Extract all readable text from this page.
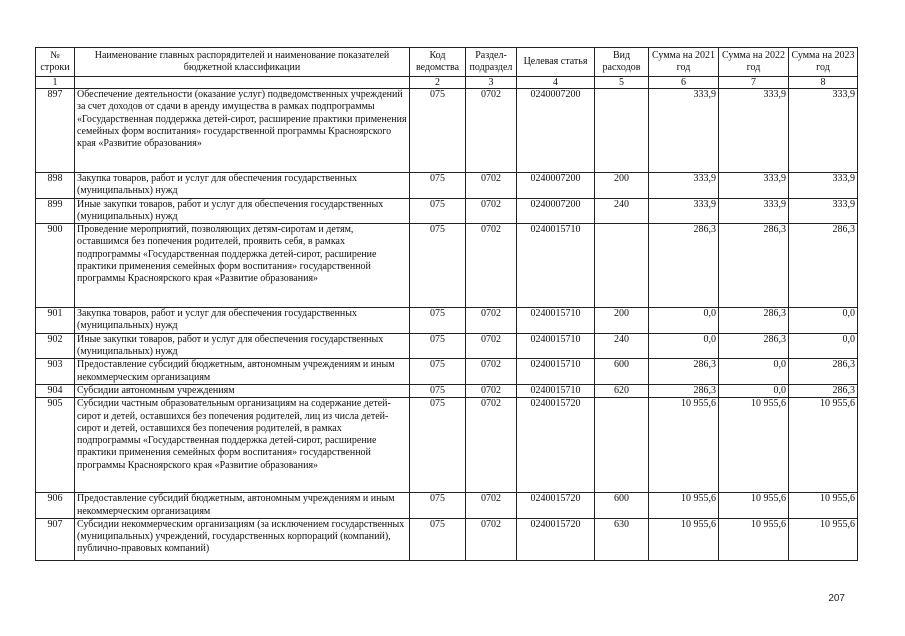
№ строки	Наименование главных распорядителей и наименование показателей бюджетной классификации	Код ведомства	Раздел-подраздел	Целевая статья	Вид расходов	Сумма на 2021 год	Сумма на 2022 год	Сумма на 2023 год
1		2	3	4	5	6	7	8
897	Обеспечение деятельности (оказание услуг) подведомственных учреждений за счет доходов от сдачи в аренду имущества в рамках подпрограммы «Государственная поддержка детей-сирот, расширение практики применения семейных форм воспитания» государственной программы Красноярского края «Развитие образования»	075	0702	0240007200		333,9	333,9	333,9
898	Закупка товаров, работ и услуг для обеспечения государственных (муниципальных) нужд	075	0702	0240007200	200	333,9	333,9	333,9
899	Иные закупки товаров, работ и услуг для обеспечения государственных (муниципальных) нужд	075	0702	0240007200	240	333,9	333,9	333,9
900	Проведение мероприятий, позволяющих детям-сиротам и детям, оставшимся без попечения родителей, проявить себя, в рамках подпрограммы «Государственная поддержка детей-сирот, расширение практики применения семейных форм воспитания» государственной программы Красноярского края «Развитие образования»	075	0702	0240015710		286,3	286,3	286,3
901	Закупка товаров, работ и услуг для обеспечения государственных (муниципальных) нужд	075	0702	0240015710	200	0,0	286,3	0,0
902	Иные закупки товаров, работ и услуг для обеспечения государственных (муниципальных) нужд	075	0702	0240015710	240	0,0	286,3	0,0
903	Предоставление субсидий бюджетным, автономным учреждениям и иным некоммерческим организациям	075	0702	0240015710	600	286,3	0,0	286,3
904	Субсидии автономным учреждениям	075	0702	0240015710	620	286,3	0,0	286,3
905	Субсидии частным образовательным организациям на содержание детей-сирот и детей, оставшихся без попечения родителей, лиц из числа детей-сирот и детей, оставшихся без попечения родителей, в рамках подпрограммы «Государственная поддержка детей-сирот, расширение практики применения семейных форм воспитания» государственной программы Красноярского края «Развитие образования»	075	0702	0240015720		10 955,6	10 955,6	10 955,6
906	Предоставление субсидий бюджетным, автономным учреждениям и иным некоммерческим организациям	075	0702	0240015720	600	10 955,6	10 955,6	10 955,6
907	Субсидии некоммерческим организациям (за исключением государственных (муниципальных) учреждений, государственных корпораций (компаний), публично-правовых компаний)	075	0702	0240015720	630	10 955,6	10 955,6	10 955,6
207
